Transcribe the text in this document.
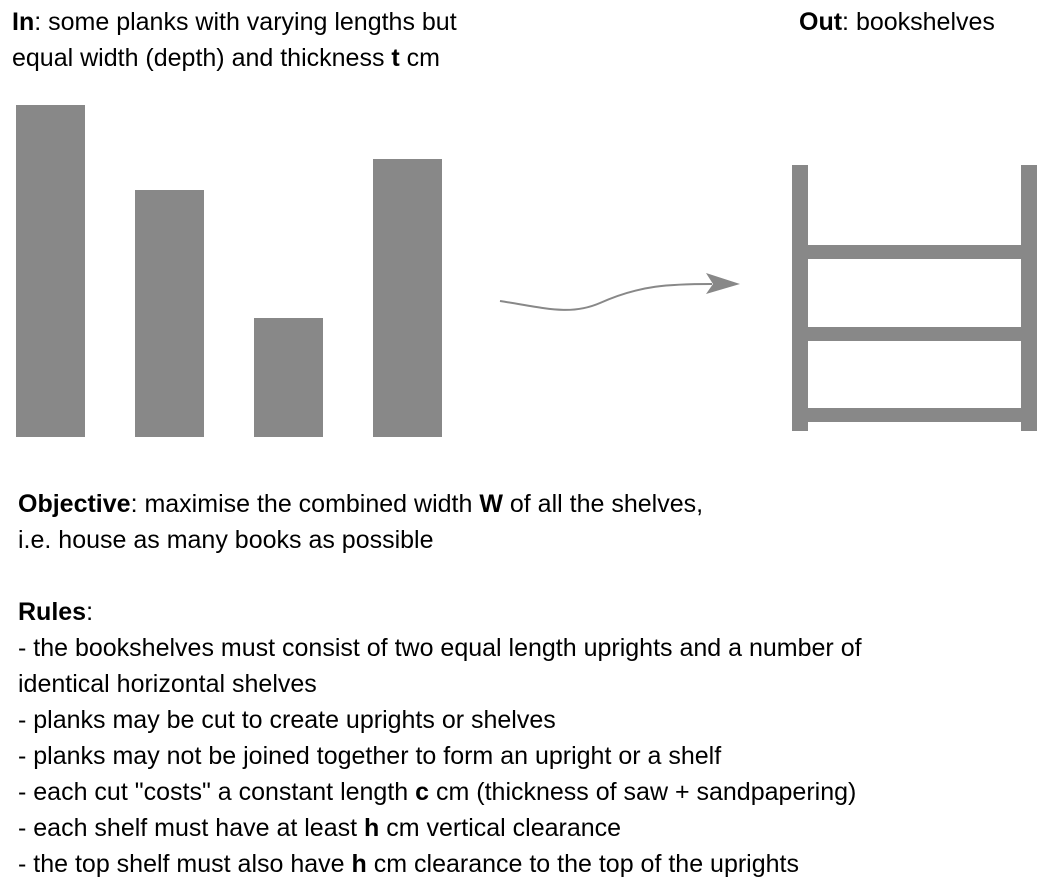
In: some planks with varying lengths but
equal width (depth) and thickness t cm
Out: bookshelves
Objective: maximise the combined width W of all the shelves,
i.e. house as many books as possible
Rules:
- the bookshelves must consist of two equal length uprights and a number of
identical horizontal shelves
- planks may be cut to create uprights or shelves
- planks may not be joined together to form an upright or a shelf
- each cut "costs" a constant length c cm (thickness of saw + sandpapering)
- each shelf must have at least h cm vertical clearance
- the top shelf must also have h cm clearance to the top of the uprights
